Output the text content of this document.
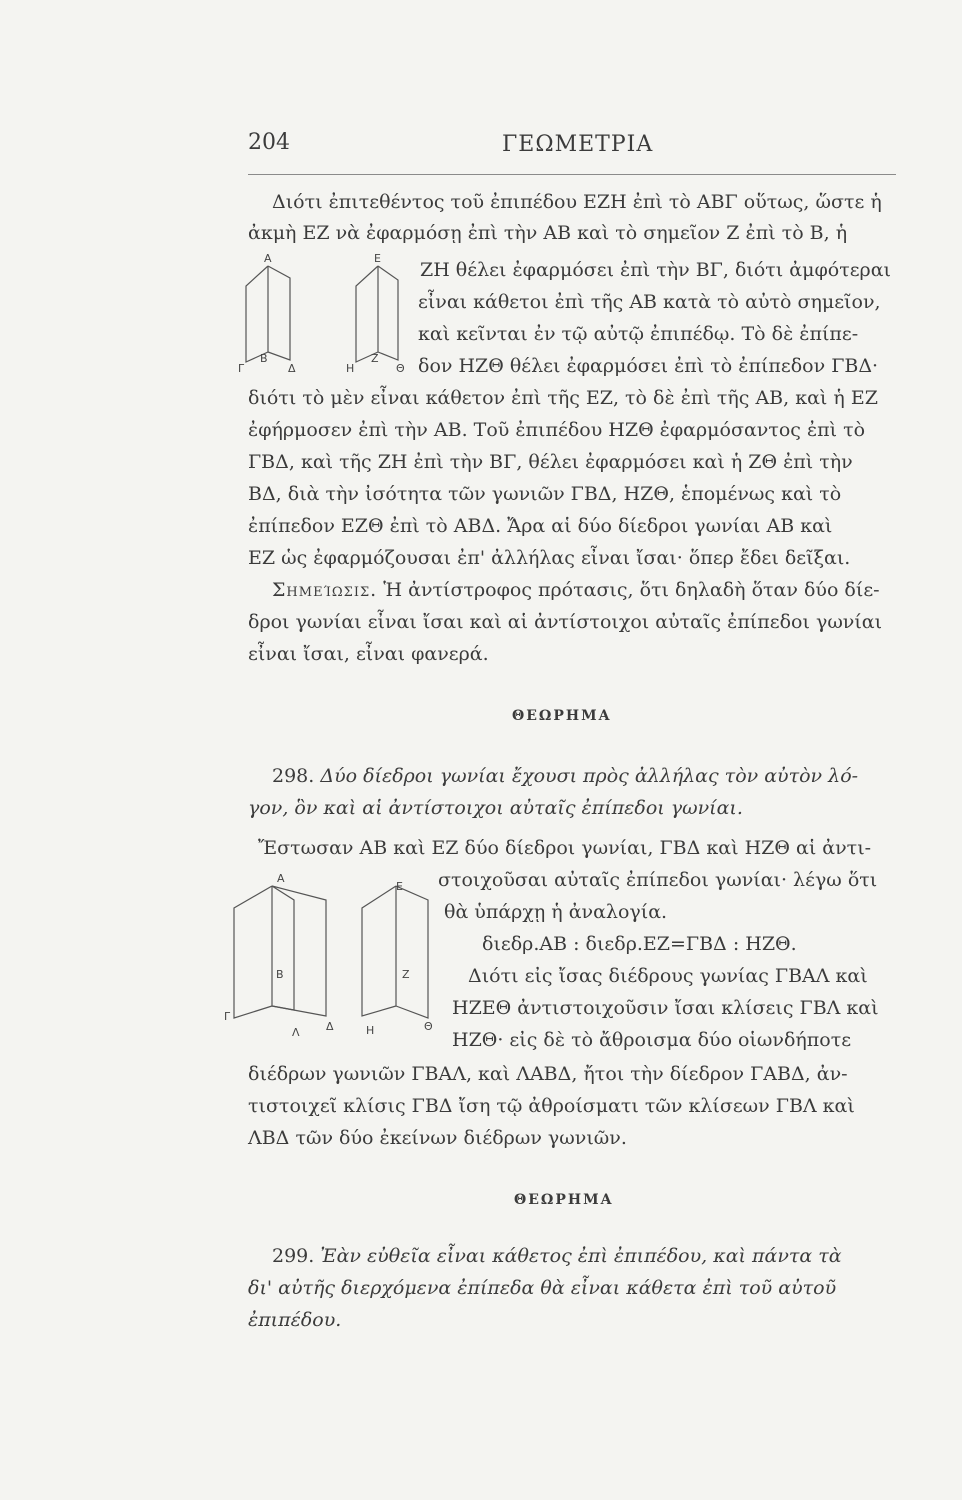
204	ΓΕΩΜΕΤΡΙΑ
Α	Ε
Γ
Β
Δ	Η
Ζ
Θ
Διότι ἐπιτεθέντος τοῦ ἐπιπέδου ΕΖΗ ἐπὶ τὸ ΑΒΓ οὕτως, ὥστε ἡ
ἀκμὴ ΕΖ νὰ ἐφαρμόσῃ ἐπὶ τὴν ΑΒ καὶ τὸ σημεῖον Ζ ἐπὶ τὸ Β, ἡ
ΖΗ θέλει ἐφαρμόσει ἐπὶ τὴν ΒΓ, διότι ἀμφότεραι
εἶναι κάθετοι ἐπὶ τῆς ΑΒ κατὰ τὸ αὐτὸ σημεῖον,
καὶ κεῖνται ἐν τῷ αὐτῷ ἐπιπέδῳ. Τὸ δὲ ἐπίπε-
δον ΗΖΘ θέλει ἐφαρμόσει ἐπὶ τὸ ἐπίπεδον ΓΒΔ·
διότι τὸ μὲν εἶναι κάθετον ἐπὶ τῆς ΕΖ, τὸ δὲ ἐπὶ τῆς ΑΒ, καὶ ἡ ΕΖ
ἐφήρμοσεν ἐπὶ τὴν ΑΒ. Τοῦ ἐπιπέδου ΗΖΘ ἐφαρμόσαντος ἐπὶ τὸ
ΓΒΔ, καὶ τῆς ΖΗ ἐπὶ τὴν ΒΓ, θέλει ἐφαρμόσει καὶ ἡ ΖΘ ἐπὶ τὴν
ΒΔ, διὰ τὴν ἰσότητα τῶν γωνιῶν ΓΒΔ, ΗΖΘ, ἑπομένως καὶ τὸ
ἐπίπεδον ΕΖΘ ἐπὶ τὸ ΑΒΔ. Ἄρα αἱ δύο δίεδροι γωνίαι ΑΒ καὶ
ΕΖ ὡς ἐφαρμόζουσαι ἐπ' ἀλλήλας εἶναι ἴσαι· ὅπερ ἔδει δεῖξαι.
Σημείωσις. Ἡ ἀντίστροφος πρότασις, ὅτι δηλαδὴ ὅταν δύο δίε-
δροι γωνίαι εἶναι ἴσαι καὶ αἱ ἀντίστοιχοι αὐταῖς ἐπίπεδοι γωνίαι
εἶναι ἴσαι, εἶναι φανερά.
ΘΕΩΡΗΜΑ
298. Δύο δίεδροι γωνίαι ἔχουσι πρὸς ἀλλήλας τὸν αὐτὸν λό-
γον, ὃν καὶ αἱ ἀντίστοιχοι αὐταῖς ἐπίπεδοι γωνίαι.
Ἔστωσαν ΑΒ καὶ ΕΖ δύο δίεδροι γωνίαι, ΓΒΔ καὶ ΗΖΘ αἱ ἀντι-
Α
Ε
Γ
Β
Δ
Λ	Η
Ζ
Θ
στοιχοῦσαι αὐταῖς ἐπίπεδοι γωνίαι· λέγω ὅτι
θὰ ὑπάρχῃ ἡ ἀναλογία.
διεδρ.ΑΒ : διεδρ.ΕΖ=ΓΒΔ : ΗΖΘ.
Διότι εἰς ἴσας διέδρους γωνίας ΓΒΑΛ καὶ
ΗΖΕΘ ἀντιστοιχοῦσιν ἴσαι κλίσεις ΓΒΛ καὶ
ΗΖΘ· εἰς δὲ τὸ ἄθροισμα δύο οἱωνδήποτε
διέδρων γωνιῶν ΓΒΑΛ, καὶ ΛΑΒΔ, ἤτοι τὴν δίεδρον ΓΑΒΔ, ἀν-
τιστοιχεῖ κλίσις ΓΒΔ ἴση τῷ ἀθροίσματι τῶν κλίσεων ΓΒΛ καὶ
ΛΒΔ τῶν δύο ἐκείνων διέδρων γωνιῶν.
ΘΕΩΡΗΜΑ
299. Ἐὰν εὐθεῖα εἶναι κάθετος ἐπὶ ἐπιπέδου, καὶ πάντα τὰ
δι' αὐτῆς διερχόμενα ἐπίπεδα θὰ εἶναι κάθετα ἐπὶ τοῦ αὐτοῦ
ἐπιπέδου.
